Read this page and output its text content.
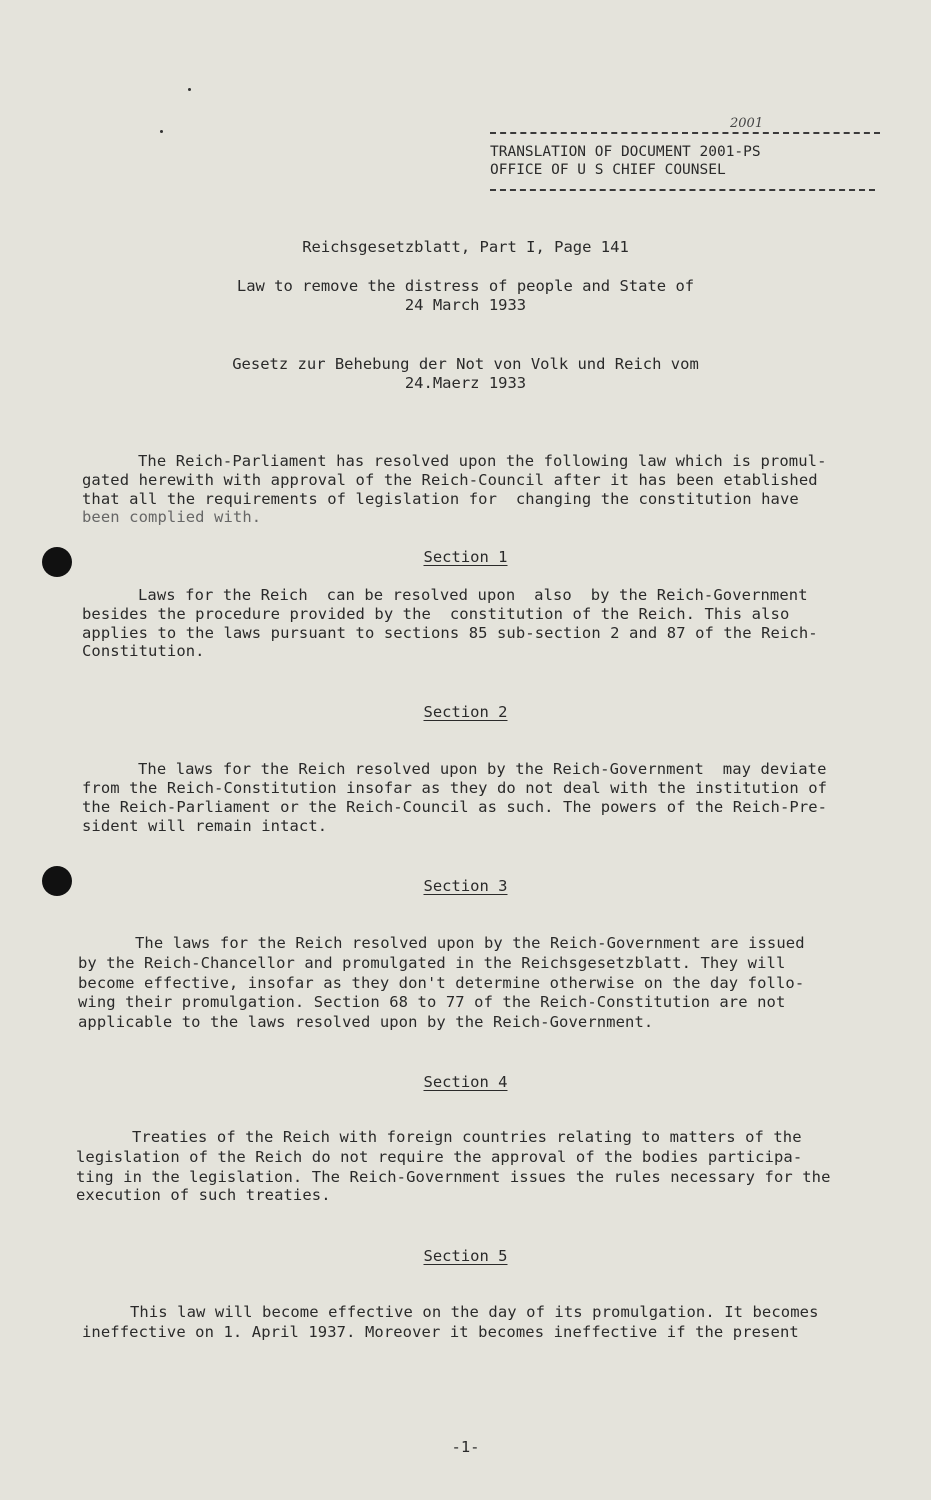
2001
TRANSLATION OF DOCUMENT 2001-PS
OFFICE OF U S CHIEF COUNSEL
Reichsgesetzblatt, Part I, Page 141
Law to remove the distress of people and State of
24 March 1933
Gesetz zur Behebung der Not von Volk und Reich vom
24.Maerz 1933
The Reich-Parliament has resolved upon the following law which is promul-
gated herewith with approval of the Reich-Council after it has been etablished
that all the requirements of legislation for  changing the constitution have
been complied with.
Section 1
Laws for the Reich  can be resolved upon  also  by the Reich-Government
besides the procedure provided by the  constitution of the Reich. This also
applies to the laws pursuant to sections 85 sub-section 2 and 87 of the Reich-
Constitution.
Section 2
The laws for the Reich resolved upon by the Reich-Government  may deviate
from the Reich-Constitution insofar as they do not deal with the institution of
the Reich-Parliament or the Reich-Council as such. The powers of the Reich-Pre-
sident will remain intact.
Section 3
The laws for the Reich resolved upon by the Reich-Government are issued
by the Reich-Chancellor and promulgated in the Reichsgesetzblatt. They will
become effective, insofar as they don't determine otherwise on the day follo-
wing their promulgation. Section 68 to 77 of the Reich-Constitution are not
applicable to the laws resolved upon by the Reich-Government.
Section 4
Treaties of the Reich with foreign countries relating to matters of the
legislation of the Reich do not require the approval of the bodies participa-
ting in the legislation. The Reich-Government issues the rules necessary for the
execution of such treaties.
Section 5
This law will become effective on the day of its promulgation. It becomes
ineffective on 1. April 1937. Moreover it becomes ineffective if the present
-1-
